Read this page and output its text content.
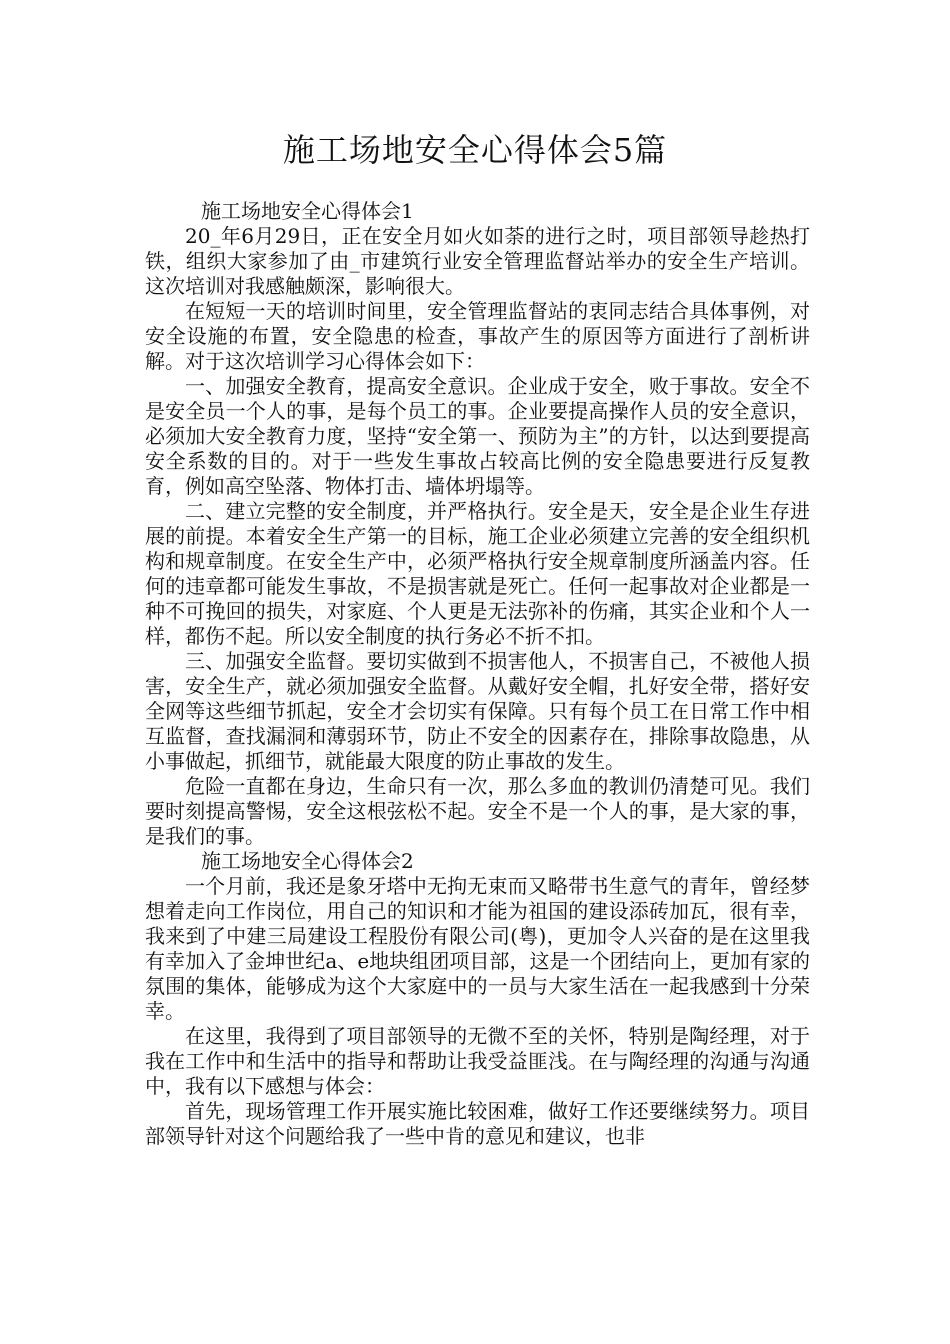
施工场地安全心得体会5篇

施工场地安全心得体会1

20_年6月29日，正在安全月如火如荼的进行之时，项目部领导趁热打铁，组织大家参加了由_市建筑行业安全管理监督站举办的安全生产培训。这次培训对我感触颇深，影响很大。

在短短一天的培训时间里，安全管理监督站的衷同志结合具体事例，对安全设施的布置，安全隐患的检查，事故产生的原因等方面进行了剖析讲解。对于这次培训学习心得体会如下：

一、加强安全教育，提高安全意识。企业成于安全，败于事故。安全不是安全员一个人的事，是每个员工的事。企业要提高操作人员的安全意识，必须加大安全教育力度，坚持“安全第一、预防为主”的方针，以达到要提高安全系数的目的。对于一些发生事故占较高比例的安全隐患要进行反复教育，例如高空坠落、物体打击、墙体坍塌等。

二、建立完整的安全制度，并严格执行。安全是天，安全是企业生存进展的前提。本着安全生产第一的目标，施工企业必须建立完善的安全组织机构和规章制度。在安全生产中，必须严格执行安全规章制度所涵盖内容。任何的违章都可能发生事故，不是损害就是死亡。任何一起事故对企业都是一种不可挽回的损失，对家庭、个人更是无法弥补的伤痛，其实企业和个人一样，都伤不起。所以安全制度的执行务必不折不扣。

三、加强安全监督。要切实做到不损害他人，不损害自己，不被他人损害，安全生产，就必须加强安全监督。从戴好安全帽，扎好安全带，搭好安全网等这些细节抓起，安全才会切实有保障。只有每个员工在日常工作中相互监督，查找漏洞和薄弱环节，防止不安全的因素存在，排除事故隐患，从小事做起，抓细节，就能最大限度的防止事故的发生。

危险一直都在身边，生命只有一次，那么多血的教训仍清楚可见。我们要时刻提高警惕，安全这根弦松不起。安全不是一个人的事，是大家的事，是我们的事。

施工场地安全心得体会2

一个月前，我还是象牙塔中无拘无束而又略带书生意气的青年，曾经梦想着走向工作岗位，用自己的知识和才能为祖国的建设添砖加瓦，很有幸，我来到了中建三局建设工程股份有限公司(粤)，更加令人兴奋的是在这里我有幸加入了金坤世纪a、e地块组团项目部，这是一个团结向上，更加有家的氛围的集体，能够成为这个大家庭中的一员与大家生活在一起我感到十分荣幸。

在这里，我得到了项目部领导的无微不至的关怀，特别是陶经理，对于我在工作中和生活中的指导和帮助让我受益匪浅。在与陶经理的沟通与沟通中，我有以下感想与体会：

首先，现场管理工作开展实施比较困难，做好工作还要继续努力。项目部领导针对这个问题给我了一些中肯的意见和建议，也非
